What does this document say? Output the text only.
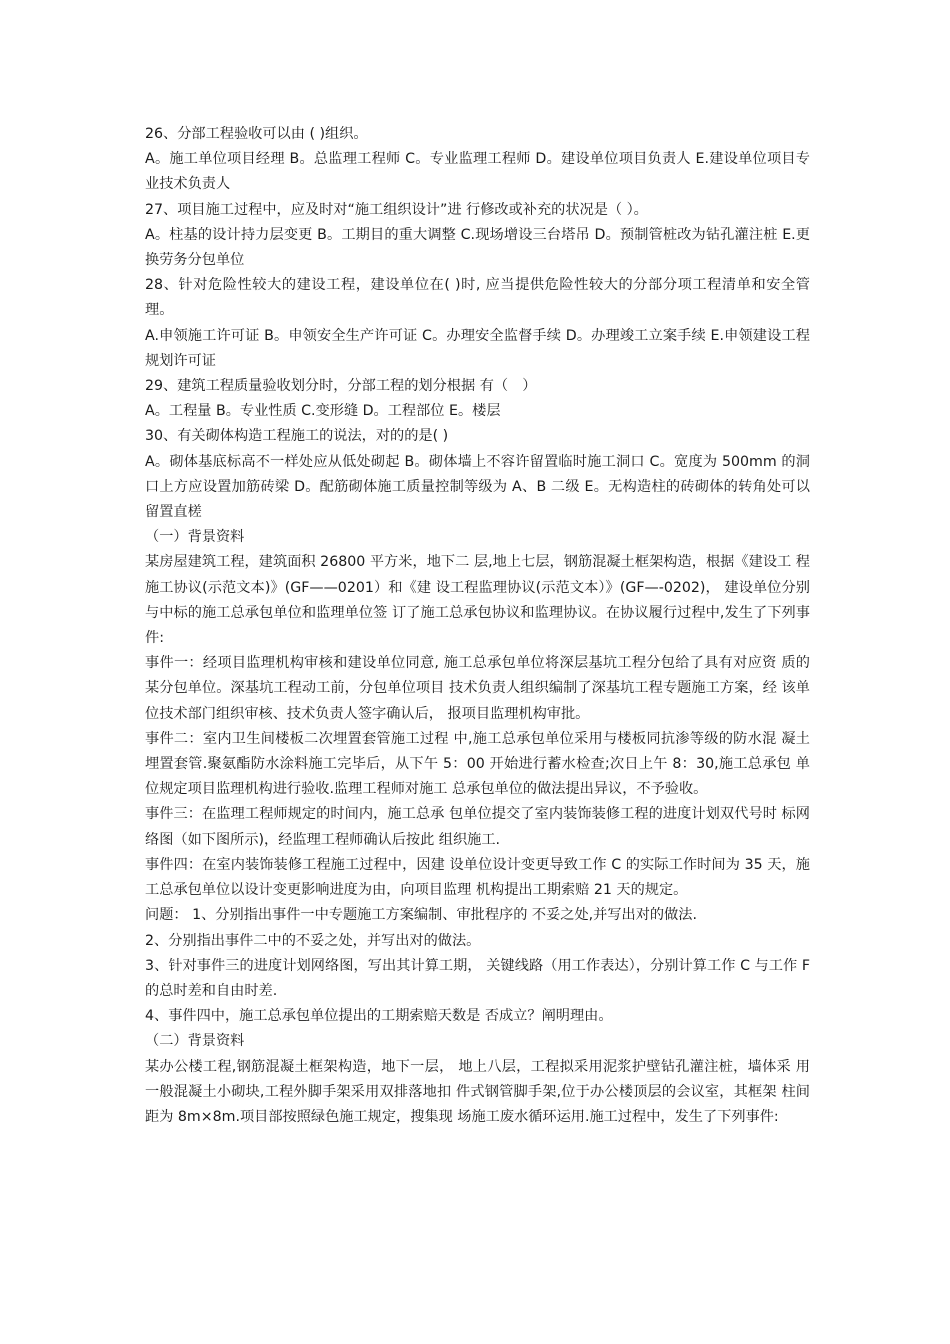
26、分部工程验收可以由 ( )组织。

A。施工单位项目经理 B。总监理工程师 C。专业监理工程师 D。建设单位项目负责人 E.建设单位项目专业技术负责人

27、项目施工过程中，应及时对“施工组织设计”进 行修改或补充的状况是（ ）。

A。柱基的设计持力层变更 B。工期目的重大调整 C.现场增设三台塔吊 D。预制管桩改为钻孔灌注桩 E.更换劳务分包单位

28、针对危险性较大的建设工程，建设单位在( )时, 应当提供危险性较大的分部分项工程清单和安全管理。

A.申领施工许可证 B。申领安全生产许可证 C。办理安全监督手续 D。办理竣工立案手续 E.申领建设工程规划许可证

29、建筑工程质量验收划分时，分部工程的划分根据 有（　）

A。工程量 B。专业性质 C.变形缝 D。工程部位 E。楼层

30、有关砌体构造工程施工的说法，对的的是( )

A。砌体基底标高不一样处应从低处砌起 B。砌体墙上不容许留置临时施工洞口 C。宽度为 500mm 的洞口上方应设置加筋砖梁 D。配筋砌体施工质量控制等级为 A、B 二级 E。无构造柱的砖砌体的转角处可以留置直槎

（一）背景资料

某房屋建筑工程，建筑面积 26800 平方米，地下二 层,地上七层，钢筋混凝土框架构造，根据《建设工 程施工协议(示范文本)》(GF——0201）和《建 设工程监理协议(示范文本）》(GF—-0202)， 建设单位分别与中标的施工总承包单位和监理单位签 订了施工总承包协议和监理协议。在协议履行过程中,发生了下列事件:

事件一：经项目监理机构审核和建设单位同意, 施工总承包单位将深层基坑工程分包给了具有对应资 质的某分包单位。深基坑工程动工前，分包单位项目 技术负责人组织编制了深基坑工程专题施工方案，经 该单位技术部门组织审核、技术负责人签字确认后， 报项目监理机构审批。

事件二：室内卫生间楼板二次埋置套管施工过程 中,施工总承包单位采用与楼板同抗渗等级的防水混 凝土埋置套管.聚氨酯防水涂料施工完毕后，从下午 5：00 开始进行蓄水检查;次日上午 8：30,施工总承包 单位规定项目监理机构进行验收.监理工程师对施工 总承包单位的做法提出异议，不予验收。

事件三：在监理工程师规定的时间内，施工总承 包单位提交了室内装饰装修工程的进度计划双代号时 标网络图（如下图所示)，经监理工程师确认后按此 组织施工.

事件四：在室内装饰装修工程施工过程中，因建 设单位设计变更导致工作 C 的实际工作时间为 35 天，施 工总承包单位以设计变更影响进度为由，向项目监理 机构提出工期索赔 21 天的规定。

问题： 1、分别指出事件一中专题施工方案编制、审批程序的 不妥之处,并写出对的做法.

2、分别指出事件二中的不妥之处，并写出对的做法。

3、针对事件三的进度计划网络图，写出其计算工期， 关键线路（用工作表达），分别计算工作 C 与工作 F 的总时差和自由时差.

4、事件四中，施工总承包单位提出的工期索赔天数是 否成立？阐明理由。

（二）背景资料

某办公楼工程,钢筋混凝土框架构造，地下一层， 地上八层，工程拟采用泥浆护壁钻孔灌注桩，墙体采 用一般混凝土小砌块,工程外脚手架采用双排落地扣 件式钢管脚手架,位于办公楼顶层的会议室，其框架 柱间距为 8m×8m.项目部按照绿色施工规定，搜集现 场施工废水循环运用.施工过程中，发生了下列事件:
